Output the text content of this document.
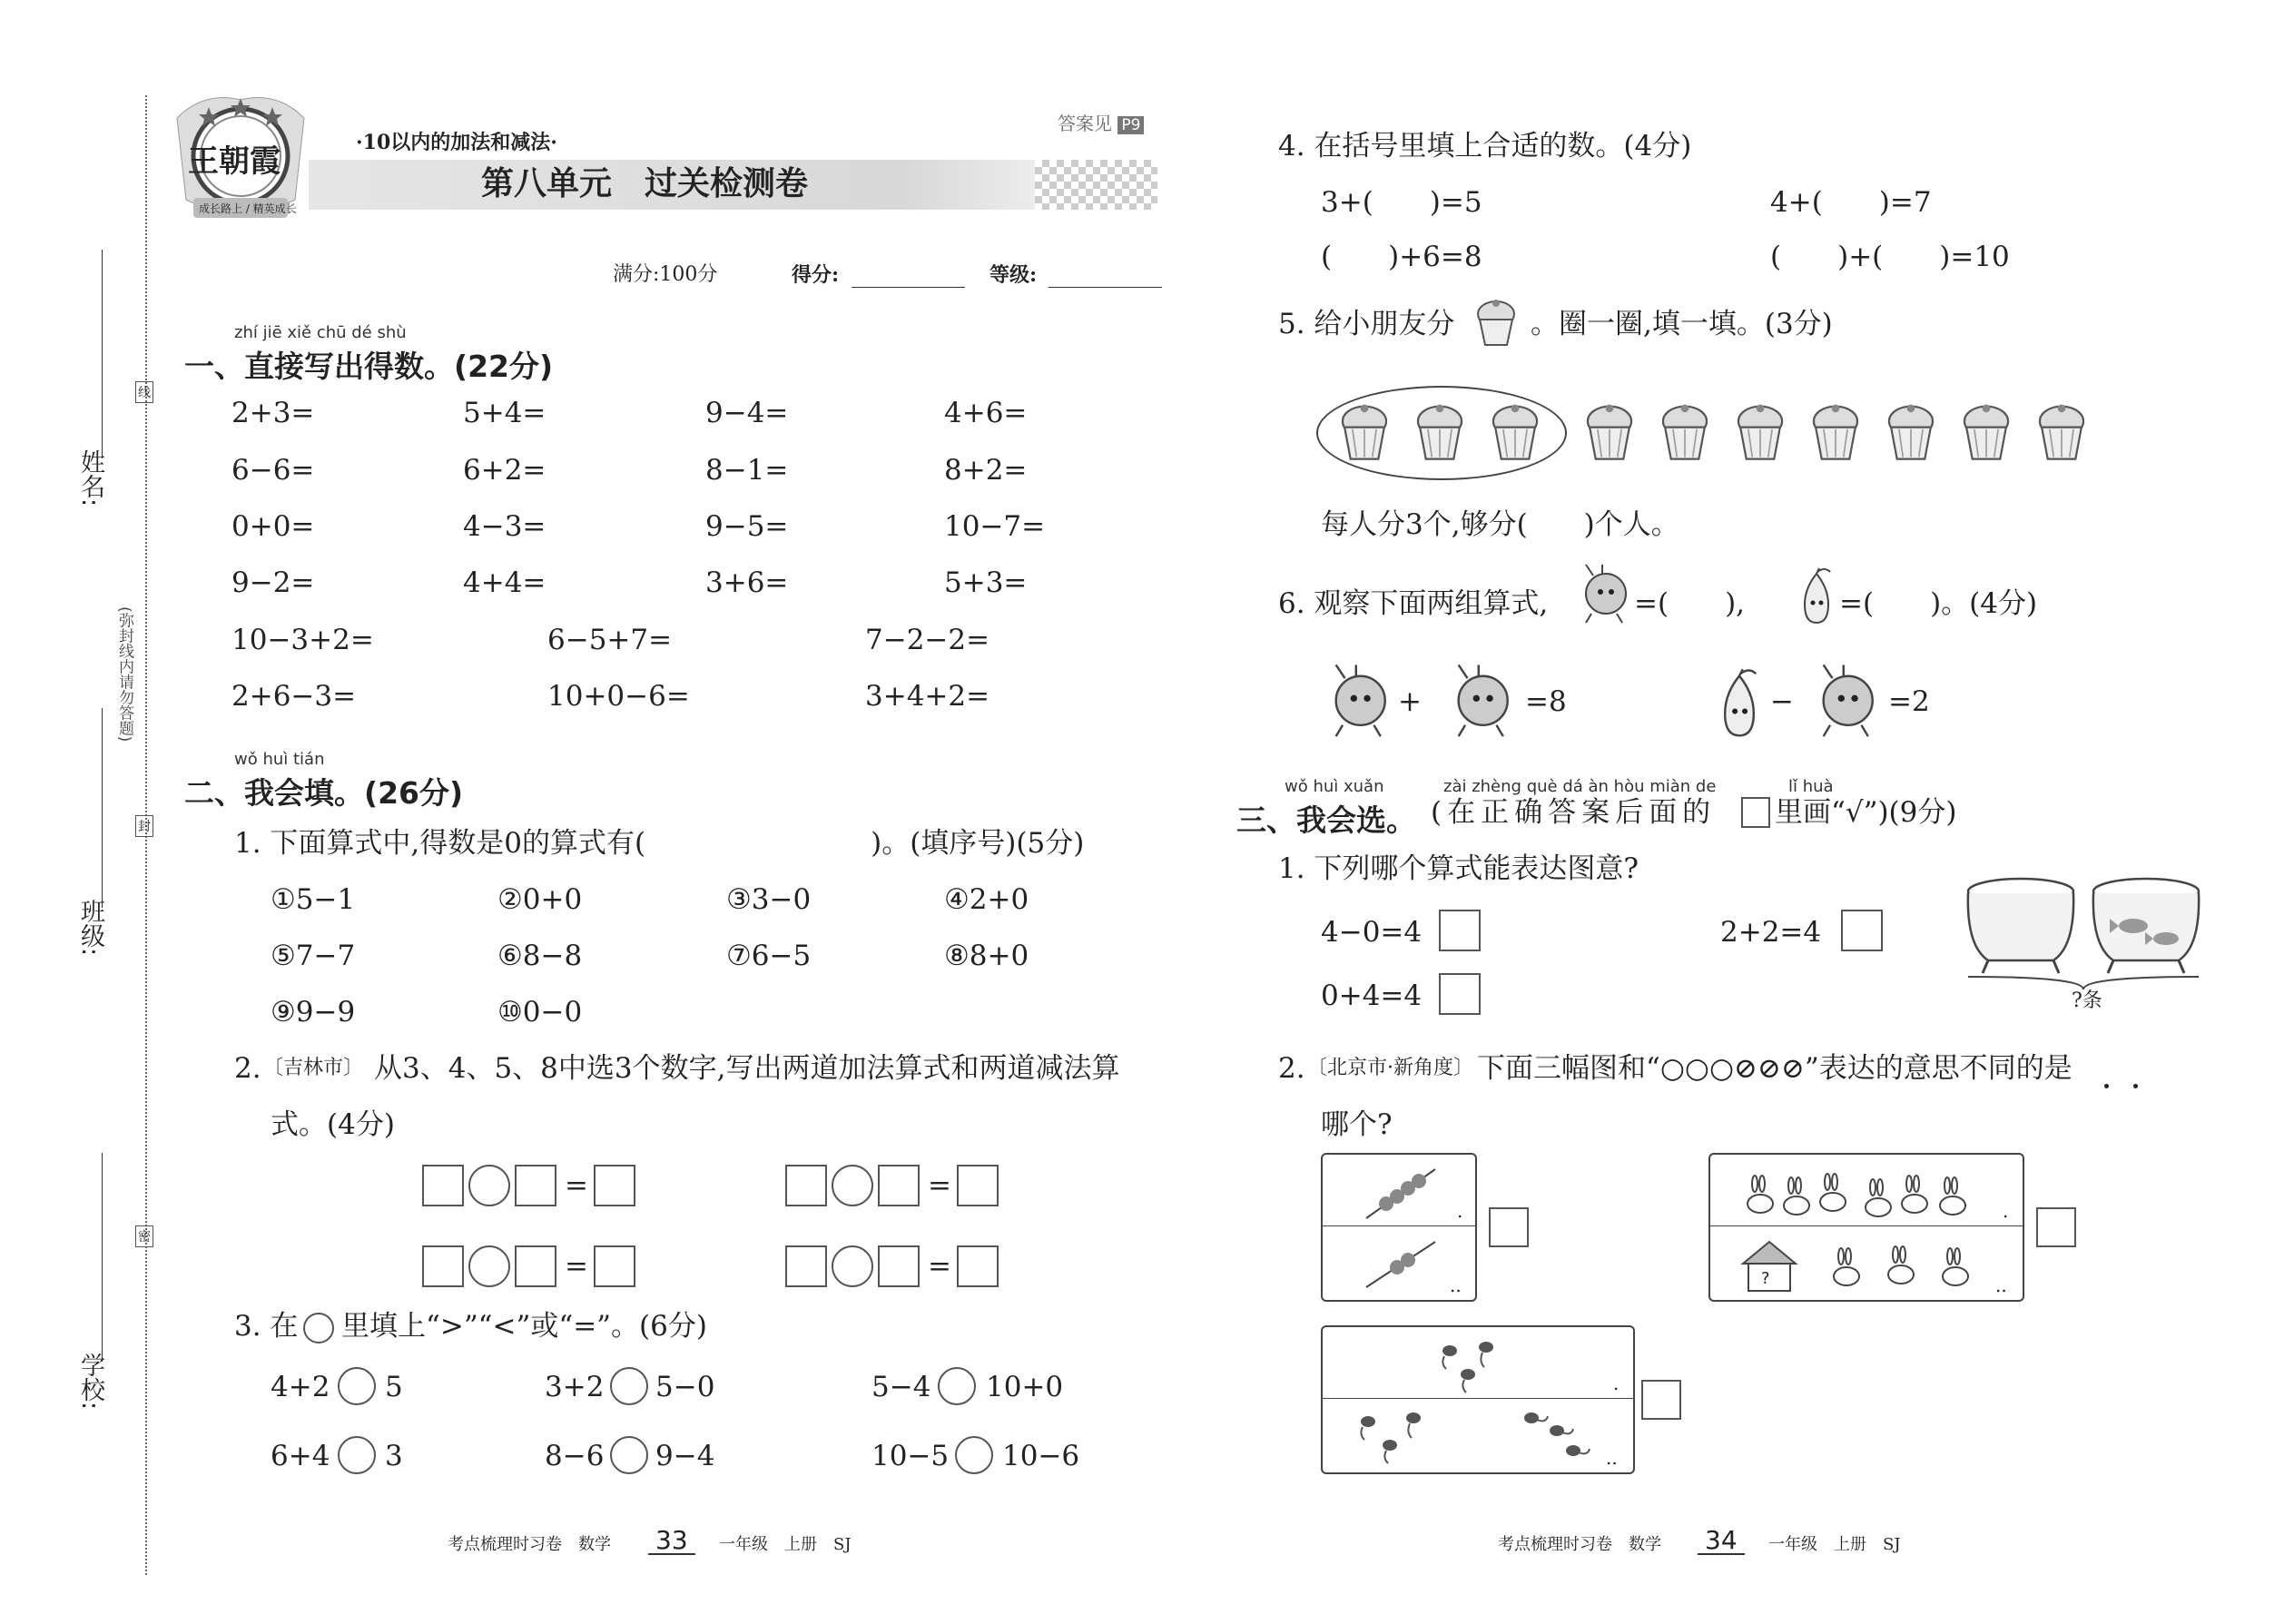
姓名:
班级:
学校:
线
(弥封线内请勿答题)
封
密
王朝霞
成长路上 / 精英成长
答案见 P9
·10以内的加法和减法·
第八单元　过关检测卷
满分:100分	得分:	等级:
zhí jiē xiě chū dé shù
一、直接写出得数。(22分)
2+3=	5+4=	9−4=	4+6=
6−6=	6+2=	8−1=	8+2=
0+0=	4−3=	9−5=	10−7=
9−2=	4+4=	3+6=	5+3=
10−3+2=	6−5+7=	7−2−2=
2+6−3=	10+0−6=	3+4+2=
wǒ huì tián
二、我会填。(26分)
1. 下面算式中,得数是0的算式有(　　　　　　　　)。(填序号)(5分)
①5−1	②0+0	③3−0	④2+0
⑤7−7	⑥8−8	⑦6−5	⑧8+0
⑨9−9	⑩0−0
2. 〔吉林市〕 从3、4、5、8中选3个数字,写出两道加法算式和两道减法算
式。(4分)
=	=
=	=
3. 在 里填上“>”“<”或“=”。(6分)
4+2 5	3+2 5−0	5−4 10+0
6+4 3	8−6 9−4	10−5 10−6
考点梳理时习卷　数学 33	一年级　上册　SJ
4. 在括号里填上合适的数。(4分)
3+(　　)=5	4+(　　)=7
(　　)+6=8	(　　)+(　　)=10
5. 给小朋友分	。圈一圈,填一填。(3分)
每人分3个,够分(　　)个人。
6. 观察下面两组算式,	=(　　),	=(　　)。(4分)
+	=8	−	=2
wǒ huì xuǎn	zài zhèng què dá àn hòu miàn de	lǐ huà
三、我会选。 (在正确答案后面的 里画“√”)(9分)
1. 下列哪个算式能表达图意?
4−0=4	2+2=4
0+4=4	?条
2. 〔北京市·新角度〕 下面三幅图和“○○○⊘⊘⊘”表达的意思不同的是
哪个?
.
..	?
.
..
.
..
考点梳理时习卷　数学 34	一年级　上册　SJ
